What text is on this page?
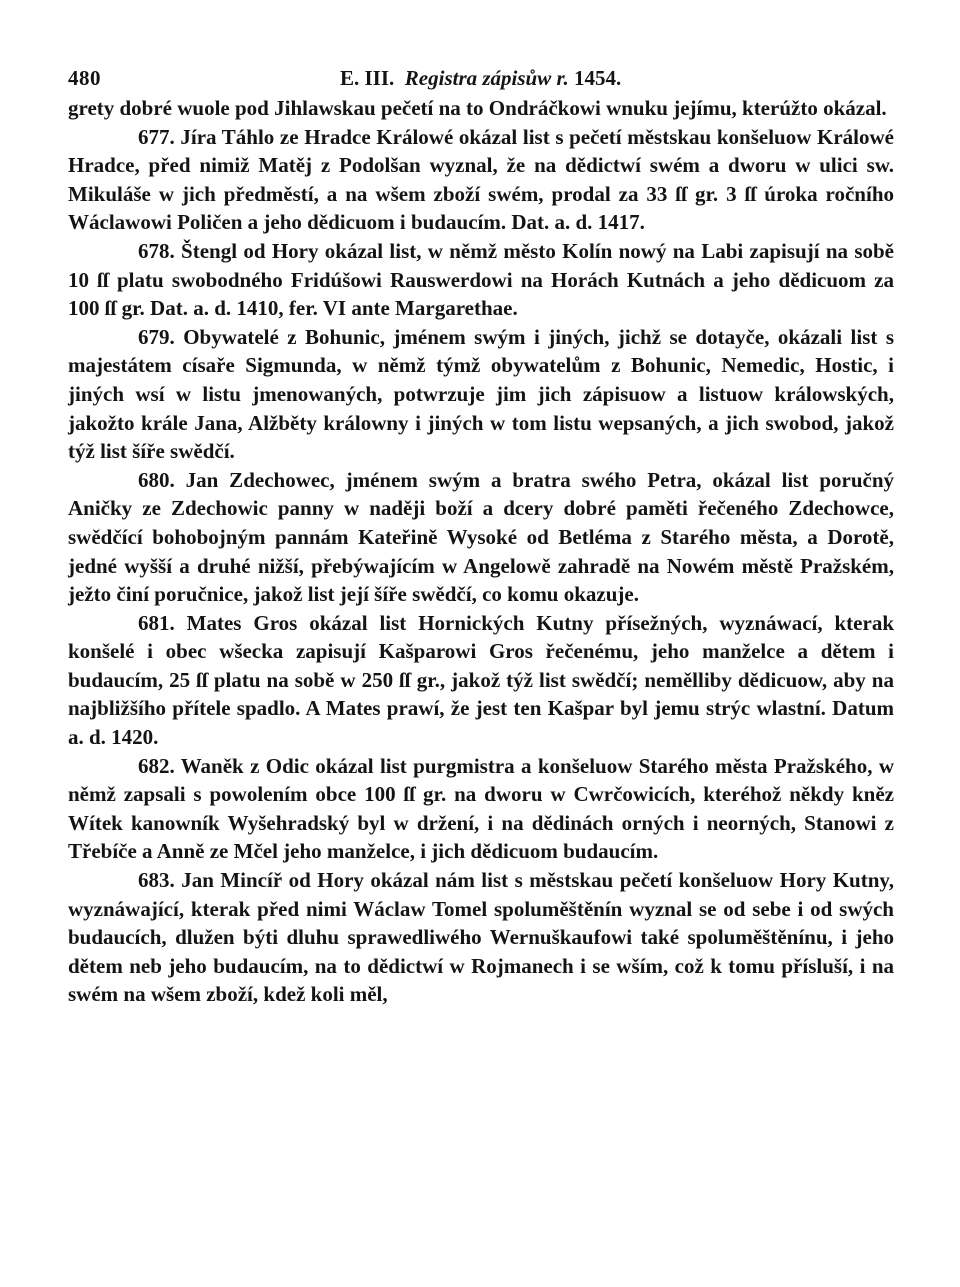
480	E. III. Registra zápisůw r. 1454.

grety dobré wuole pod Jihlawskau pečetí na to Ondráčkowi wnuku jejímu, kterúžto okázal.

677. Jíra Táhlo ze Hradce Králowé okázal list s pečetí městskau konšeluow Králowé Hradce, před nimiž Matěj z Podolšan wyznal, že na dědictwí swém a dworu w ulici sw. Mikuláše w jich předměstí, a na wšem zboží swém, prodal za 33 ſſ gr. 3 ſſ úroka ročního Wáclawowi Poličen a jeho dědicuom i budaucím. Dat. a. d. 1417.

678. Štengl od Hory okázal list, w němž město Kolín nowý na Labi zapisují na sobě 10 ſſ platu swobodného Fridúšowi Rauswerdowi na Horách Kutnách a jeho dědicuom za 100 ſſ gr. Dat. a. d. 1410, fer. VI ante Margarethae.

679. Obywatelé z Bohunic, jménem swým i jiných, jichž se dotayče, okázali list s majestátem císaře Sigmunda, w němž týmž obywatelům z Bohunic, Nemedic, Hostic, i jiných wsí w listu jmenowaných, potwrzuje jim jich zápisuow a listuow králowských, jakožto krále Jana, Alžběty králowny i jiných w tom listu wepsaných, a jich swobod, jakož týž list šíře swědčí.

680. Jan Zdechowec, jménem swým a bratra swého Petra, okázal list poručný Aničky ze Zdechowic panny w naději boží a dcery dobré paměti řečeného Zdechowce, swědčící bohobojným pannám Kateřině Wysoké od Betléma z Starého města, a Dorotě, jedné wyšší a druhé nižší, přebýwajícím w Angelowě zahradě na Nowém městě Pražském, ježto činí poručnice, jakož list její šíře swědčí, co komu okazuje.

681. Mates Gros okázal list Hornických Kutny přísežných, wyznáwací, kterak konšelé i obec wšecka zapisují Kašparowi Gros řečenému, jeho manželce a dětem i budaucím, 25 ſſ platu na sobě w 250 ſſ gr., jakož týž list swědčí; nemělliby dědicuow, aby na najbližšího přítele spadlo. A Mates prawí, že jest ten Kašpar byl jemu strýc wlastní. Datum a. d. 1420.

682. Waněk z Odic okázal list purgmistra a konšeluow Starého města Pražského, w němž zapsali s powolením obce 100 ſſ gr. na dworu w Cwrčowicích, kteréhož někdy kněz Wítek kanowník Wyšehradský byl w držení, i na dědinách orných i neorných, Stanowi z Třebíče a Anně ze Mčel jeho manželce, i jich dědicuom budaucím.

683. Jan Mincíř od Hory okázal nám list s městskau pečetí konšeluow Hory Kutny, wyznáwající, kterak před nimi Wáclaw Tomel spoluměštěnín wyznal se od sebe i od swých budaucích, dlužen býti dluhu sprawedliwého Wernuškaufowi také spoluměštěnínu, i jeho dětem neb jeho budaucím, na to dědictwí w Rojmanech i se wším, což k tomu přísluší, i na swém na wšem zboží, kdež koli měl,
